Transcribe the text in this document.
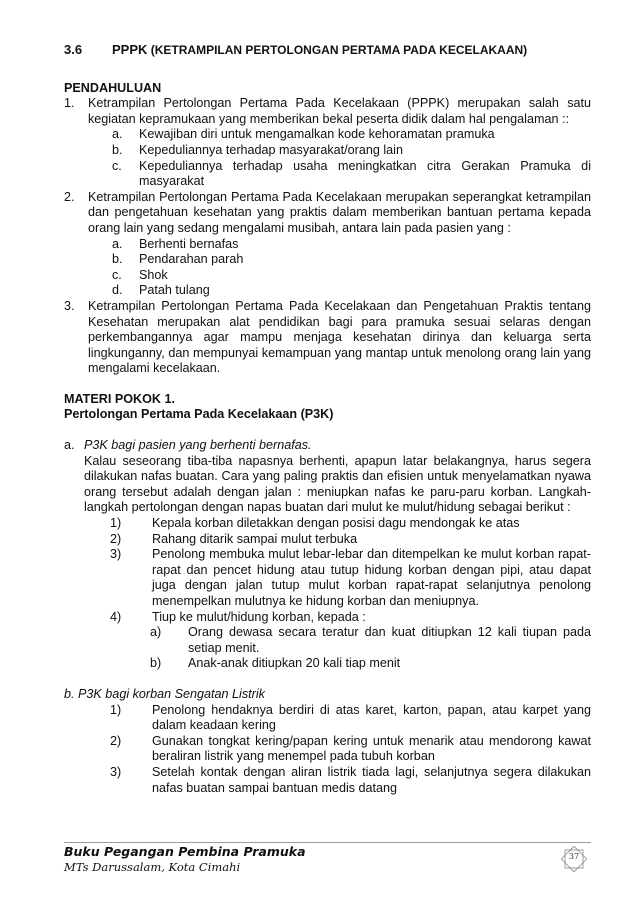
3.6	PPPK (KETRAMPILAN PERTOLONGAN PERTAMA PADA KECELAKAAN)
PENDAHULUAN
1.	Ketrampilan Pertolongan Pertama Pada Kecelakaan (PPPK) merupakan salah satu kegiatan kepramukaan yang memberikan bekal peserta didik dalam hal pengalaman ::
a.	Kewajiban diri untuk mengamalkan kode kehoramatan pramuka
b.	Kepeduliannya terhadap masyarakat/orang lain
c.	Kepeduliannya terhadap usaha meningkatkan citra Gerakan Pramuka di masyarakat
2.	Ketrampilan Pertolongan Pertama Pada Kecelakaan merupakan seperangkat ketrampilan dan pengetahuan kesehatan yang praktis dalam memberikan bantuan pertama kepada orang lain yang sedang mengalami musibah, antara lain pada pasien yang :
a.	Berhenti bernafas
b.	Pendarahan parah
c.	Shok
d.	Patah tulang
3.	Ketrampilan Pertolongan Pertama Pada Kecelakaan dan Pengetahuan Praktis tentang Kesehatan merupakan alat pendidikan bagi para pramuka sesuai selaras dengan perkembangannya agar mampu menjaga kesehatan dirinya dan keluarga serta lingkunganny, dan mempunyai kemampuan yang mantap untuk menolong orang lain yang mengalami kecelakaan.
MATERI POKOK 1.
Pertolongan Pertama Pada Kecelakaan (P3K)
a. P3K bagi pasien yang berhenti bernafas.
Kalau seseorang tiba-tiba napasnya berhenti, apapun latar belakangnya, harus segera dilakukan nafas buatan. Cara yang paling praktis dan efisien untuk menyelamatkan nyawa orang tersebut adalah dengan jalan : meniupkan nafas ke paru-paru korban. Langkah-langkah pertolongan dengan napas buatan dari mulut ke mulut/hidung sebagai berikut :
1)	Kepala korban diletakkan dengan posisi dagu mendongak ke atas
2)	Rahang ditarik sampai mulut terbuka
3)	Penolong membuka mulut lebar-lebar dan ditempelkan ke mulut korban rapat-rapat dan pencet hidung atau tutup hidung korban dengan pipi, atau dapat juga dengan jalan tutup mulut korban rapat-rapat selanjutnya penolong menempelkan mulutnya ke hidung korban dan meniupnya.
4)	Tiup ke mulut/hidung korban, kepada :
a)	Orang dewasa secara teratur dan kuat ditiupkan 12 kali tiupan pada setiap menit.
b)	Anak-anak ditiupkan 20 kali tiap menit
b. P3K bagi korban Sengatan Listrik
1)	Penolong hendaknya berdiri di atas karet, karton, papan, atau karpet yang dalam keadaan kering
2)	Gunakan tongkat kering/papan kering untuk menarik atau mendorong kawat beraliran listrik yang menempel pada tubuh korban
3)	Setelah kontak dengan aliran listrik tiada lagi, selanjutnya segera dilakukan nafas buatan sampai bantuan medis datang
Buku Pegangan Pembina Pramuka
MTs Darussalam, Kota Cimahi
37
